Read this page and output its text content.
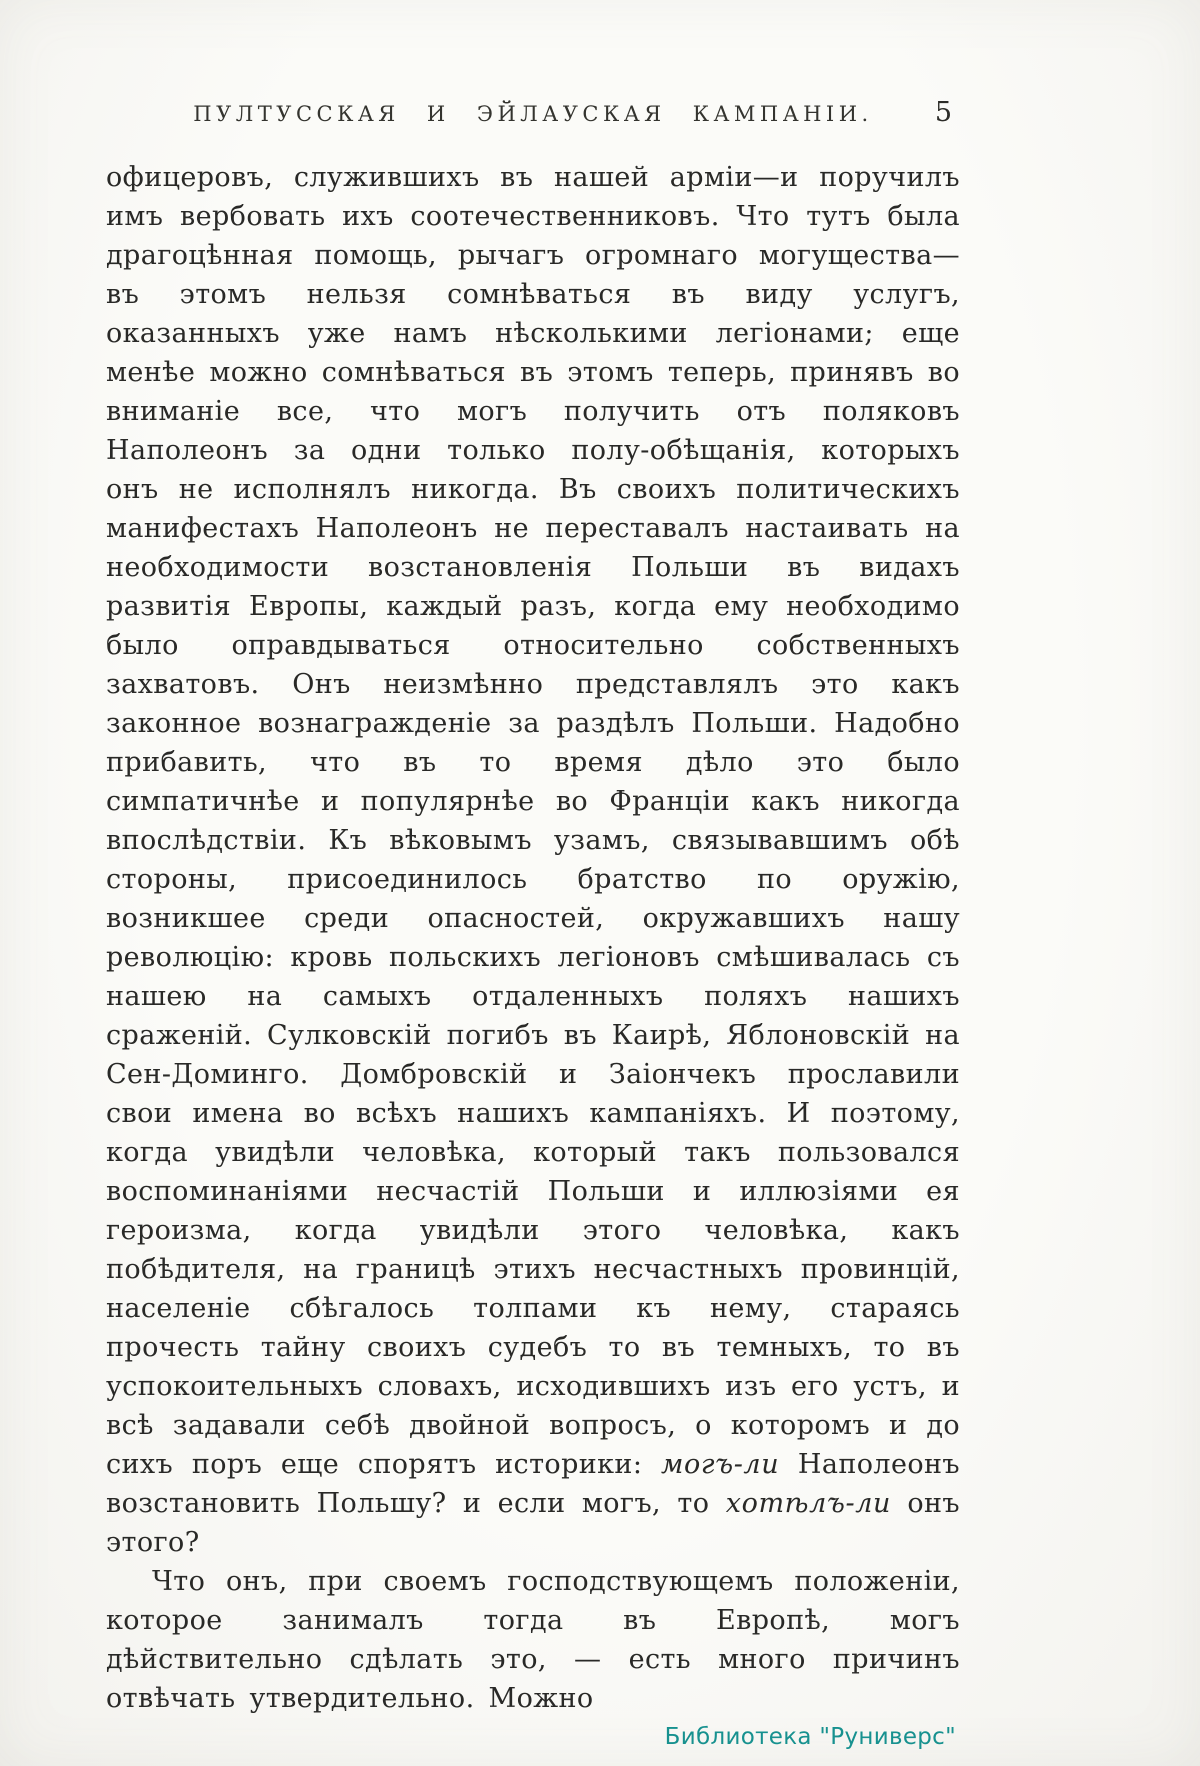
ПУЛТУССКАЯ И ЭЙЛАУСКАЯ КАМПАНІИ.	5

офицеровъ, служившихъ въ нашей арміи—и поручилъ имъ вербовать ихъ соотечественниковъ. Что тутъ была драгоцѣнная помощь, рычагъ огромнаго могущества—въ этомъ нельзя сомнѣваться въ виду услугъ, оказанныхъ уже намъ нѣсколькими легіонами; еще менѣе можно сомнѣваться въ этомъ теперь, принявъ во вниманіе все, что могъ получить отъ поляковъ Наполеонъ за одни только полу-обѣщанія, которыхъ онъ не исполнялъ никогда. Въ своихъ политическихъ манифестахъ Наполеонъ не переставалъ настаивать на необходимости возстановленія Польши въ видахъ развитія Европы, каждый разъ, когда ему необходимо было оправдываться относительно собственныхъ захватовъ. Онъ неизмѣнно представлялъ это какъ законное вознагражденіе за раздѣлъ Польши. Надобно прибавить, что въ то время дѣло это было симпатичнѣе и популярнѣе во Франціи какъ никогда впослѣдствіи. Къ вѣковымъ узамъ, связывавшимъ обѣ стороны, присоединилось братство по оружію, возникшее среди опасностей, окружавшихъ нашу революцію: кровь польскихъ легіоновъ смѣшивалась съ нашею на самыхъ отдаленныхъ поляхъ нашихъ сраженій. Сулковскій погибъ въ Каирѣ, Яблоновскій на Сен-Доминго. Домбровскій и Заіончекъ прославили свои имена во всѣхъ нашихъ кампаніяхъ. И поэтому, когда увидѣли человѣка, который такъ пользовался воспоминаніями несчастій Польши и иллюзіями ея героизма, когда увидѣли этого человѣка, какъ побѣдителя, на границѣ этихъ несчастныхъ провинцій, населеніе сбѣгалось толпами къ нему, стараясь прочесть тайну своихъ судебъ то въ темныхъ, то въ успокоительныхъ словахъ, исходившихъ изъ его устъ, и всѣ задавали себѣ двойной вопросъ, о которомъ и до сихъ поръ еще спорятъ историки: могъ-ли Наполеонъ возстановить Польшу? и если могъ, то хотѣлъ-ли онъ этого?

Что онъ, при своемъ господствующемъ положеніи, которое занималъ тогда въ Европѣ, могъ дѣйствительно сдѣлать это, — есть много причинъ отвѣчать утвердительно. Можно

Библиотека "Руниверс"
